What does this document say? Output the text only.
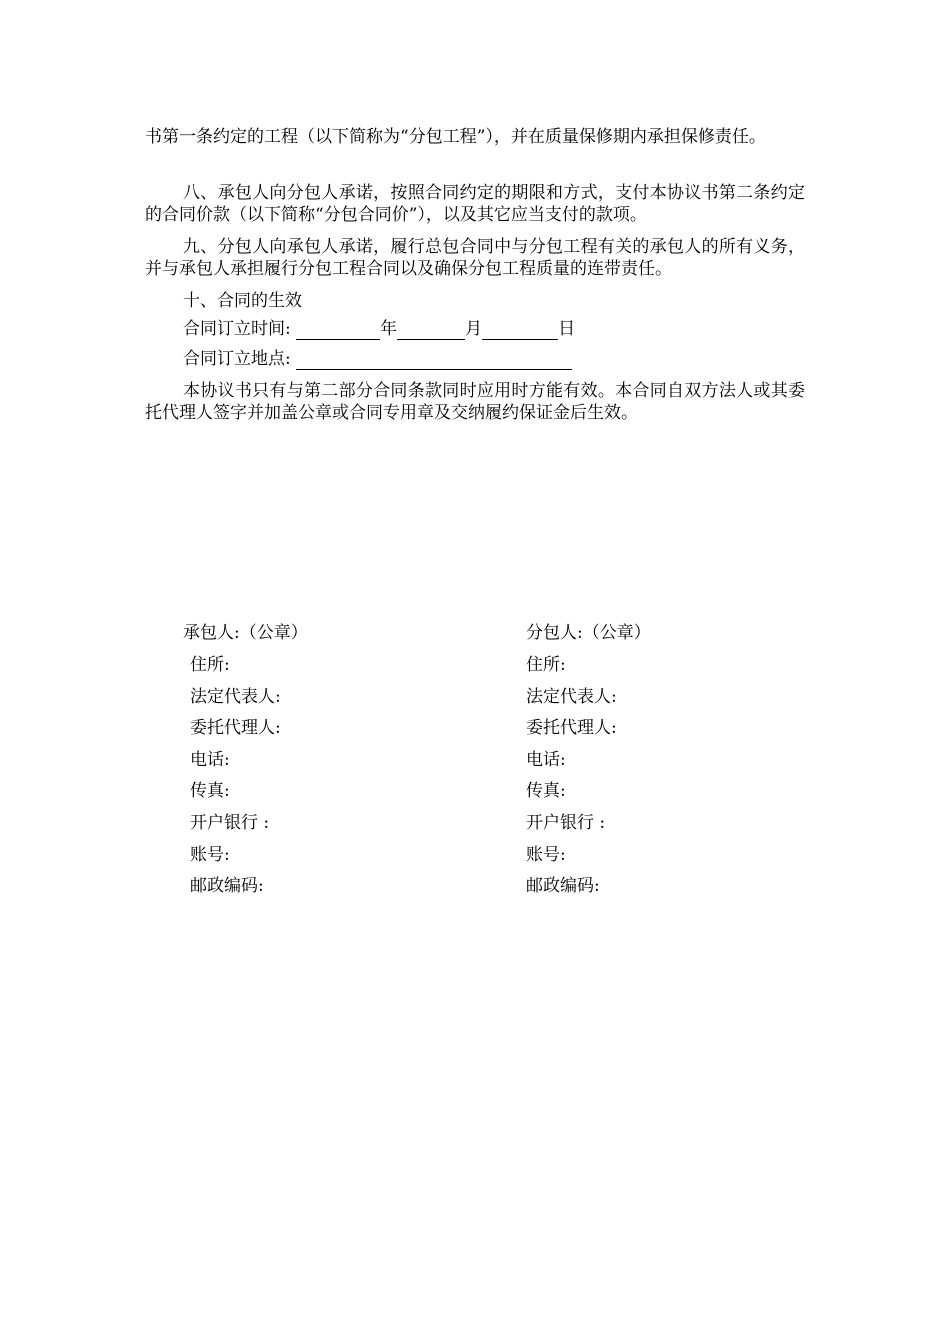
书第一条约定的工程（以下简称为“分包工程”），并在质量保修期内承担保修责任。

八、承包人向分包人承诺，按照合同约定的期限和方式，支付本协议书第二条约定的合同价款（以下简称“分包合同价”），以及其它应当支付的款项。

九、分包人向承包人承诺，履行总包合同中与分包工程有关的承包人的所有义务，并与承包人承担履行分包工程合同以及确保分包工程质量的连带责任。

十、合同的生效
合同订立时间:	年	月	日
合同订立地点:

本协议书只有与第二部分合同条款同时应用时方能有效。本合同自双方法人或其委托代理人签字并加盖公章或合同专用章及交纳履约保证金后生效。

承包人:（公章）
住所:
法定代表人:
委托代理人:
电话:
传真:
开户银行 :
账号:
邮政编码:
分包人:（公章）
住所:
法定代表人:
委托代理人:
电话:
传真:
开户银行 :
账号:
邮政编码:
